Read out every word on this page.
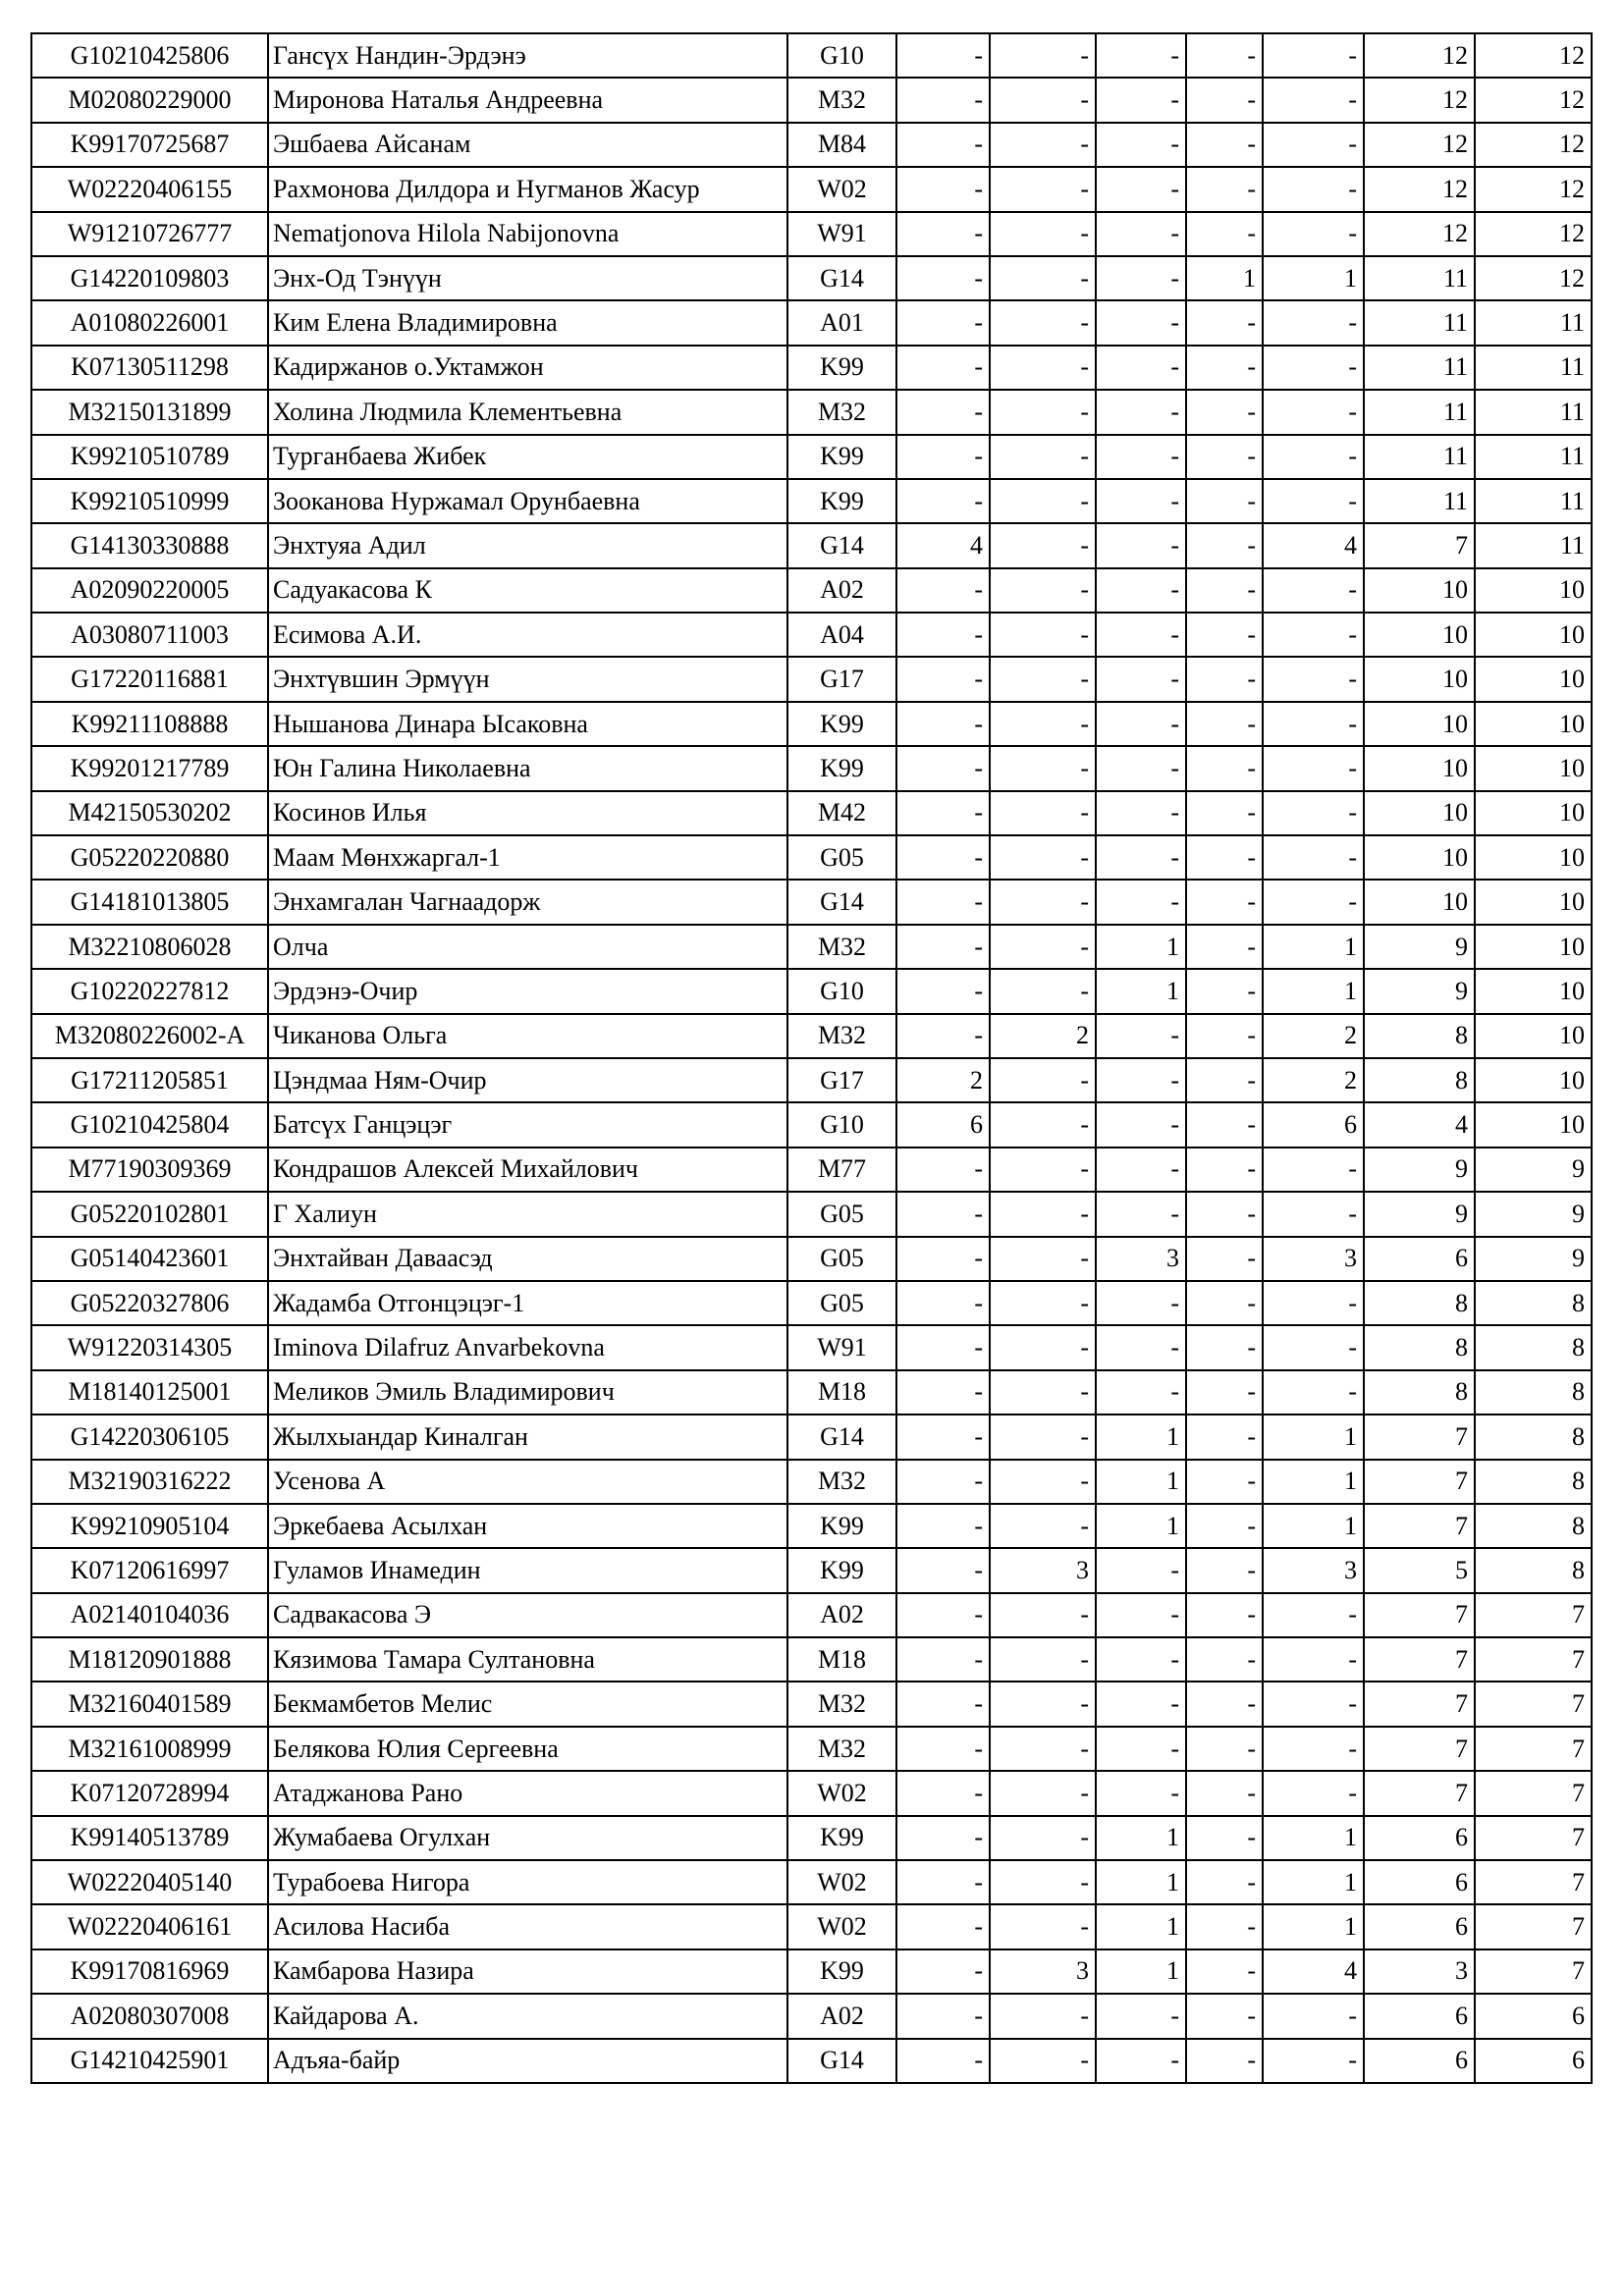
G10210425806	Гансүх Нандин-Эрдэнэ	G10	-	-	-	-	-	12	12
M02080229000	Миронова Наталья Андреевна	M32	-	-	-	-	-	12	12
K99170725687	Эшбаева Айсанам	M84	-	-	-	-	-	12	12
W02220406155	Рахмонова Дилдора и Нугманов Жасур	W02	-	-	-	-	-	12	12
W91210726777	Nematjonova Hilola Nabijonovna	W91	-	-	-	-	-	12	12
G14220109803	Энх-Од Тэнүүн	G14	-	-	-	1	1	11	12
A01080226001	Ким Елена Владимировна	A01	-	-	-	-	-	11	11
K07130511298	Кадиржанов о.Уктамжон	K99	-	-	-	-	-	11	11
M32150131899	Холина Людмила Клементьевна	M32	-	-	-	-	-	11	11
K99210510789	Турганбаева Жибек	K99	-	-	-	-	-	11	11
K99210510999	Зооканова Нуржамал Орунбаевна	K99	-	-	-	-	-	11	11
G14130330888	Энхтуяа Адил	G14	4	-	-	-	4	7	11
A02090220005	Садуакасова К	A02	-	-	-	-	-	10	10
A03080711003	Есимова А.И.	A04	-	-	-	-	-	10	10
G17220116881	Энхтүвшин Эрмүүн	G17	-	-	-	-	-	10	10
K99211108888	Нышанова Динара Ысаковна	K99	-	-	-	-	-	10	10
K99201217789	Юн Галина Николаевна	K99	-	-	-	-	-	10	10
M42150530202	Косинов Илья	M42	-	-	-	-	-	10	10
G05220220880	Маам Мөнхжаргал-1	G05	-	-	-	-	-	10	10
G14181013805	Энхамгалан Чагнаадорж	G14	-	-	-	-	-	10	10
M32210806028	Олча	M32	-	-	1	-	1	9	10
G10220227812	Эрдэнэ-Очир	G10	-	-	1	-	1	9	10
M32080226002-A	Чиканова Ольга	M32	-	2	-	-	2	8	10
G17211205851	Цэндмаа Ням-Очир	G17	2	-	-	-	2	8	10
G10210425804	Батсүх Ганцэцэг	G10	6	-	-	-	6	4	10
M77190309369	Кондрашов Алексей Михайлович	M77	-	-	-	-	-	9	9
G05220102801	Г Халиун	G05	-	-	-	-	-	9	9
G05140423601	Энхтайван Даваасэд	G05	-	-	3	-	3	6	9
G05220327806	Жадамба Отгонцэцэг-1	G05	-	-	-	-	-	8	8
W91220314305	Iminova Dilafruz Anvarbekovna	W91	-	-	-	-	-	8	8
M18140125001	Меликов Эмиль Владимирович	M18	-	-	-	-	-	8	8
G14220306105	Жылхыандар Киналган	G14	-	-	1	-	1	7	8
M32190316222	Усенова А	M32	-	-	1	-	1	7	8
K99210905104	Эркебаева Асылхан	K99	-	-	1	-	1	7	8
K07120616997	Гуламов Инамедин	K99	-	3	-	-	3	5	8
A02140104036	Садвакасова Э	A02	-	-	-	-	-	7	7
M18120901888	Кязимова Тамара Султановна	M18	-	-	-	-	-	7	7
M32160401589	Бекмамбетов Мелис	M32	-	-	-	-	-	7	7
M32161008999	Белякова Юлия Сергеевна	M32	-	-	-	-	-	7	7
K07120728994	Атаджанова Рано	W02	-	-	-	-	-	7	7
K99140513789	Жумабаева Огулхан	K99	-	-	1	-	1	6	7
W02220405140	Турабоева Нигора	W02	-	-	1	-	1	6	7
W02220406161	Асилова Насиба	W02	-	-	1	-	1	6	7
K99170816969	Камбарова Назира	K99	-	3	1	-	4	3	7
A02080307008	Кайдарова А.	A02	-	-	-	-	-	6	6
G14210425901	Адъяа-байр	G14	-	-	-	-	-	6	6
